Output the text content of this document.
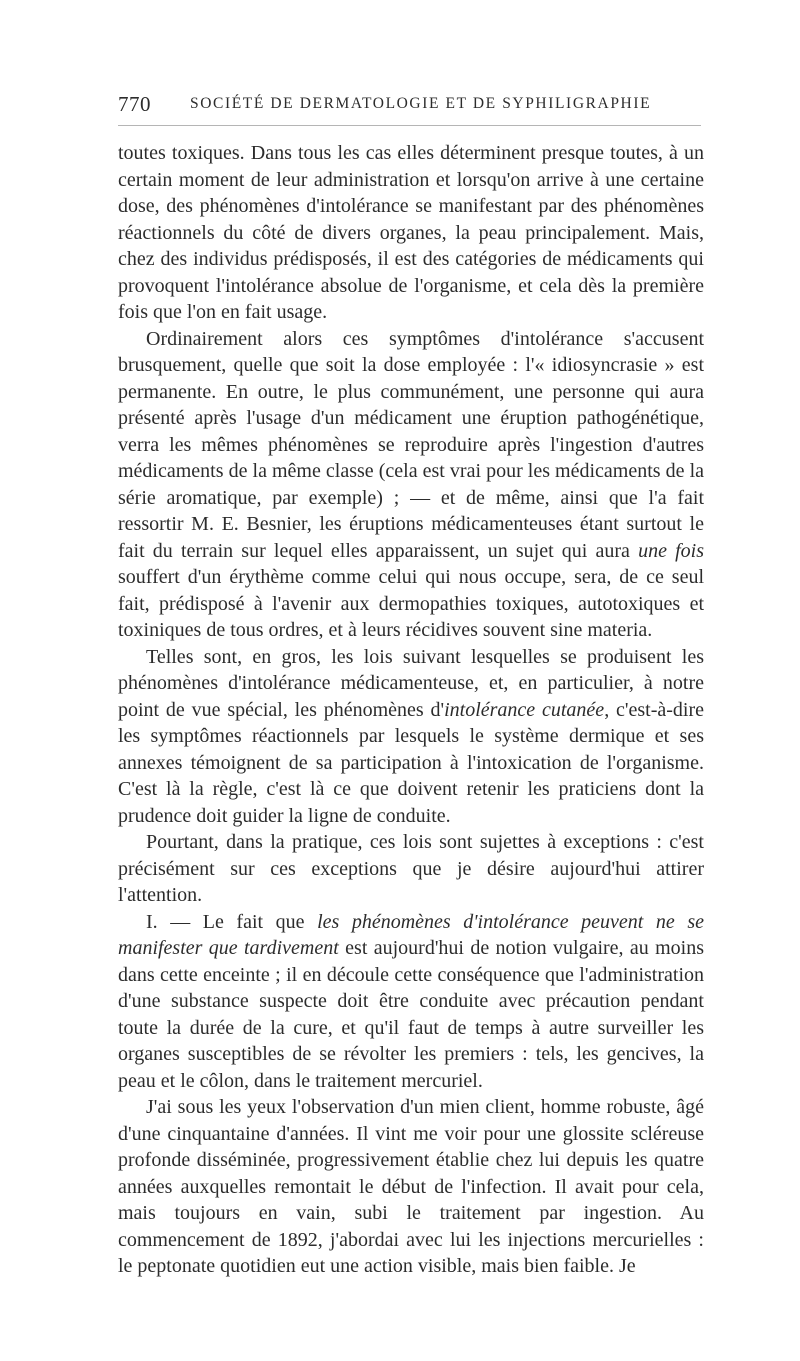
770	SOCIÉTÉ DE DERMATOLOGIE ET DE SYPHILIGRAPHIE

toutes toxiques. Dans tous les cas elles déterminent presque toutes, à un certain moment de leur administration et lorsqu'on arrive à une certaine dose, des phénomènes d'intolérance se manifestant par des phénomènes réactionnels du côté de divers organes, la peau principalement. Mais, chez des individus prédisposés, il est des catégories de médicaments qui provoquent l'intolérance absolue de l'organisme, et cela dès la première fois que l'on en fait usage.

Ordinairement alors ces symptômes d'intolérance s'accusent brusquement, quelle que soit la dose employée : l'« idiosyncrasie » est permanente. En outre, le plus communément, une personne qui aura présenté après l'usage d'un médicament une éruption pathogénétique, verra les mêmes phénomènes se reproduire après l'ingestion d'autres médicaments de la même classe (cela est vrai pour les médicaments de la série aromatique, par exemple) ; — et de même, ainsi que l'a fait ressortir M. E. Besnier, les éruptions médicamenteuses étant surtout le fait du terrain sur lequel elles apparaissent, un sujet qui aura une fois souffert d'un érythème comme celui qui nous occupe, sera, de ce seul fait, prédisposé à l'avenir aux dermopathies toxiques, autotoxiques et toxiniques de tous ordres, et à leurs récidives souvent sine materia.

Telles sont, en gros, les lois suivant lesquelles se produisent les phénomènes d'intolérance médicamenteuse, et, en particulier, à notre point de vue spécial, les phénomènes d'intolérance cutanée, c'est-à-dire les symptômes réactionnels par lesquels le système dermique et ses annexes témoignent de sa participation à l'intoxication de l'organisme. C'est là la règle, c'est là ce que doivent retenir les praticiens dont la prudence doit guider la ligne de conduite.

Pourtant, dans la pratique, ces lois sont sujettes à exceptions : c'est précisément sur ces exceptions que je désire aujourd'hui attirer l'attention.

I. — Le fait que les phénomènes d'intolérance peuvent ne se manifester que tardivement est aujourd'hui de notion vulgaire, au moins dans cette enceinte ; il en découle cette conséquence que l'administration d'une substance suspecte doit être conduite avec précaution pendant toute la durée de la cure, et qu'il faut de temps à autre surveiller les organes susceptibles de se révolter les premiers : tels, les gencives, la peau et le côlon, dans le traitement mercuriel.

J'ai sous les yeux l'observation d'un mien client, homme robuste, âgé d'une cinquantaine d'années. Il vint me voir pour une glossite scléreuse profonde disséminée, progressivement établie chez lui depuis les quatre années auxquelles remontait le début de l'infection. Il avait pour cela, mais toujours en vain, subi le traitement par ingestion. Au commencement de 1892, j'abordai avec lui les injections mercurielles : le peptonate quotidien eut une action visible, mais bien faible. Je
